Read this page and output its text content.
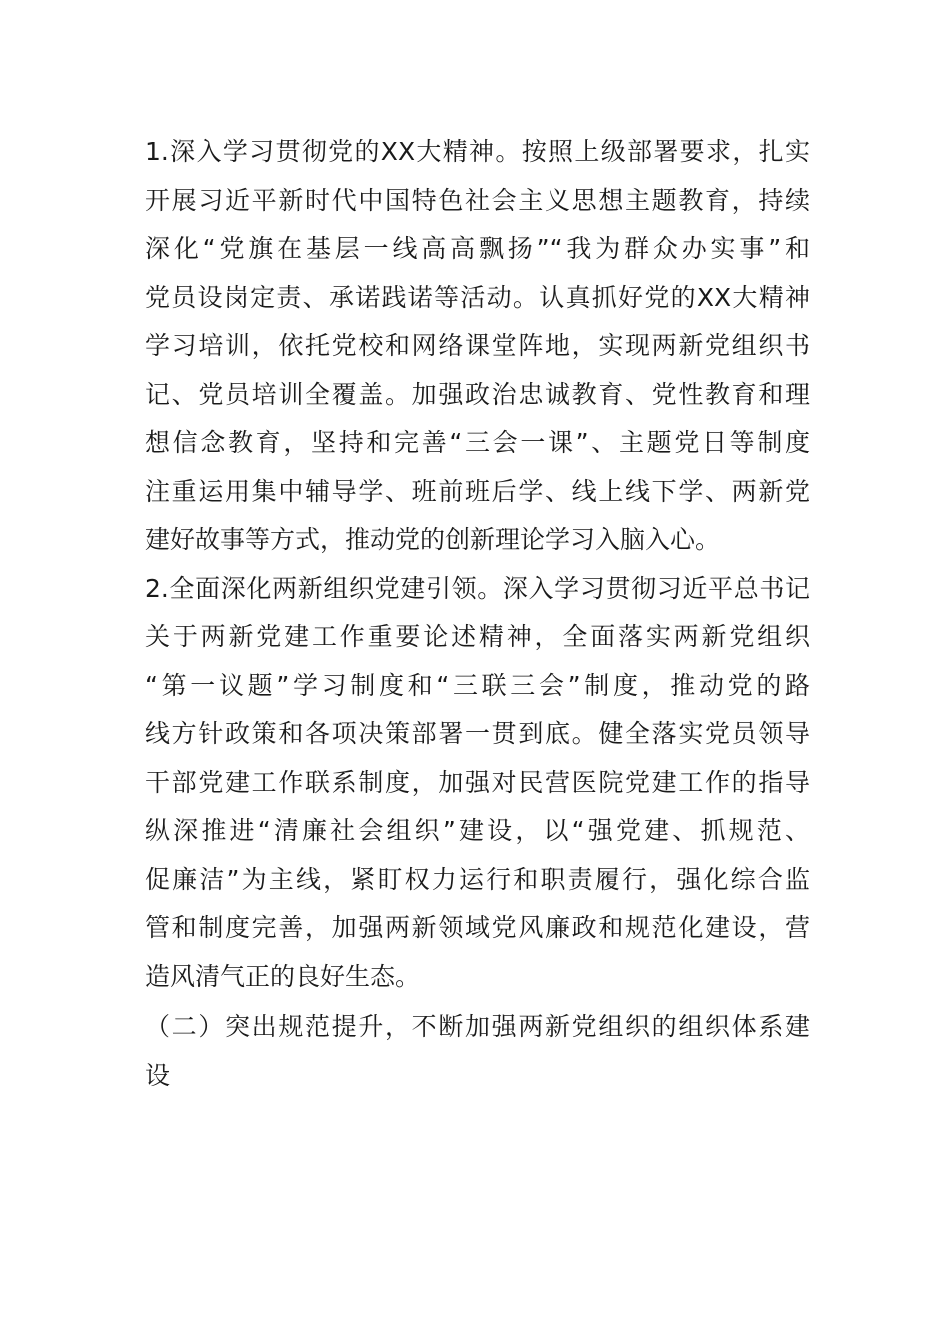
1.深入学习贯彻党的XX大精神。按照上级部署要求，扎实
开展习近平新时代中国特色社会主义思想主题教育，持续
深化“党旗在基层一线高高飘扬”“我为群众办实事”和
党员设岗定责、承诺践诺等活动。认真抓好党的XX大精神
学习培训，依托党校和网络课堂阵地，实现两新党组织书
记、党员培训全覆盖。加强政治忠诚教育、党性教育和理
想信念教育，坚持和完善“三会一课”、主题党日等制度
注重运用集中辅导学、班前班后学、线上线下学、两新党
建好故事等方式，推动党的创新理论学习入脑入心。
2.全面深化两新组织党建引领。深入学习贯彻习近平总书记
关于两新党建工作重要论述精神，全面落实两新党组织
“第一议题”学习制度和“三联三会”制度，推动党的路
线方针政策和各项决策部署一贯到底。健全落实党员领导
干部党建工作联系制度，加强对民营医院党建工作的指导
纵深推进“清廉社会组织”建设，以“强党建、抓规范、
促廉洁”为主线，紧盯权力运行和职责履行，强化综合监
管和制度完善，加强两新领域党风廉政和规范化建设，营
造风清气正的良好生态。
（二）突出规范提升，不断加强两新党组织的组织体系建
设
